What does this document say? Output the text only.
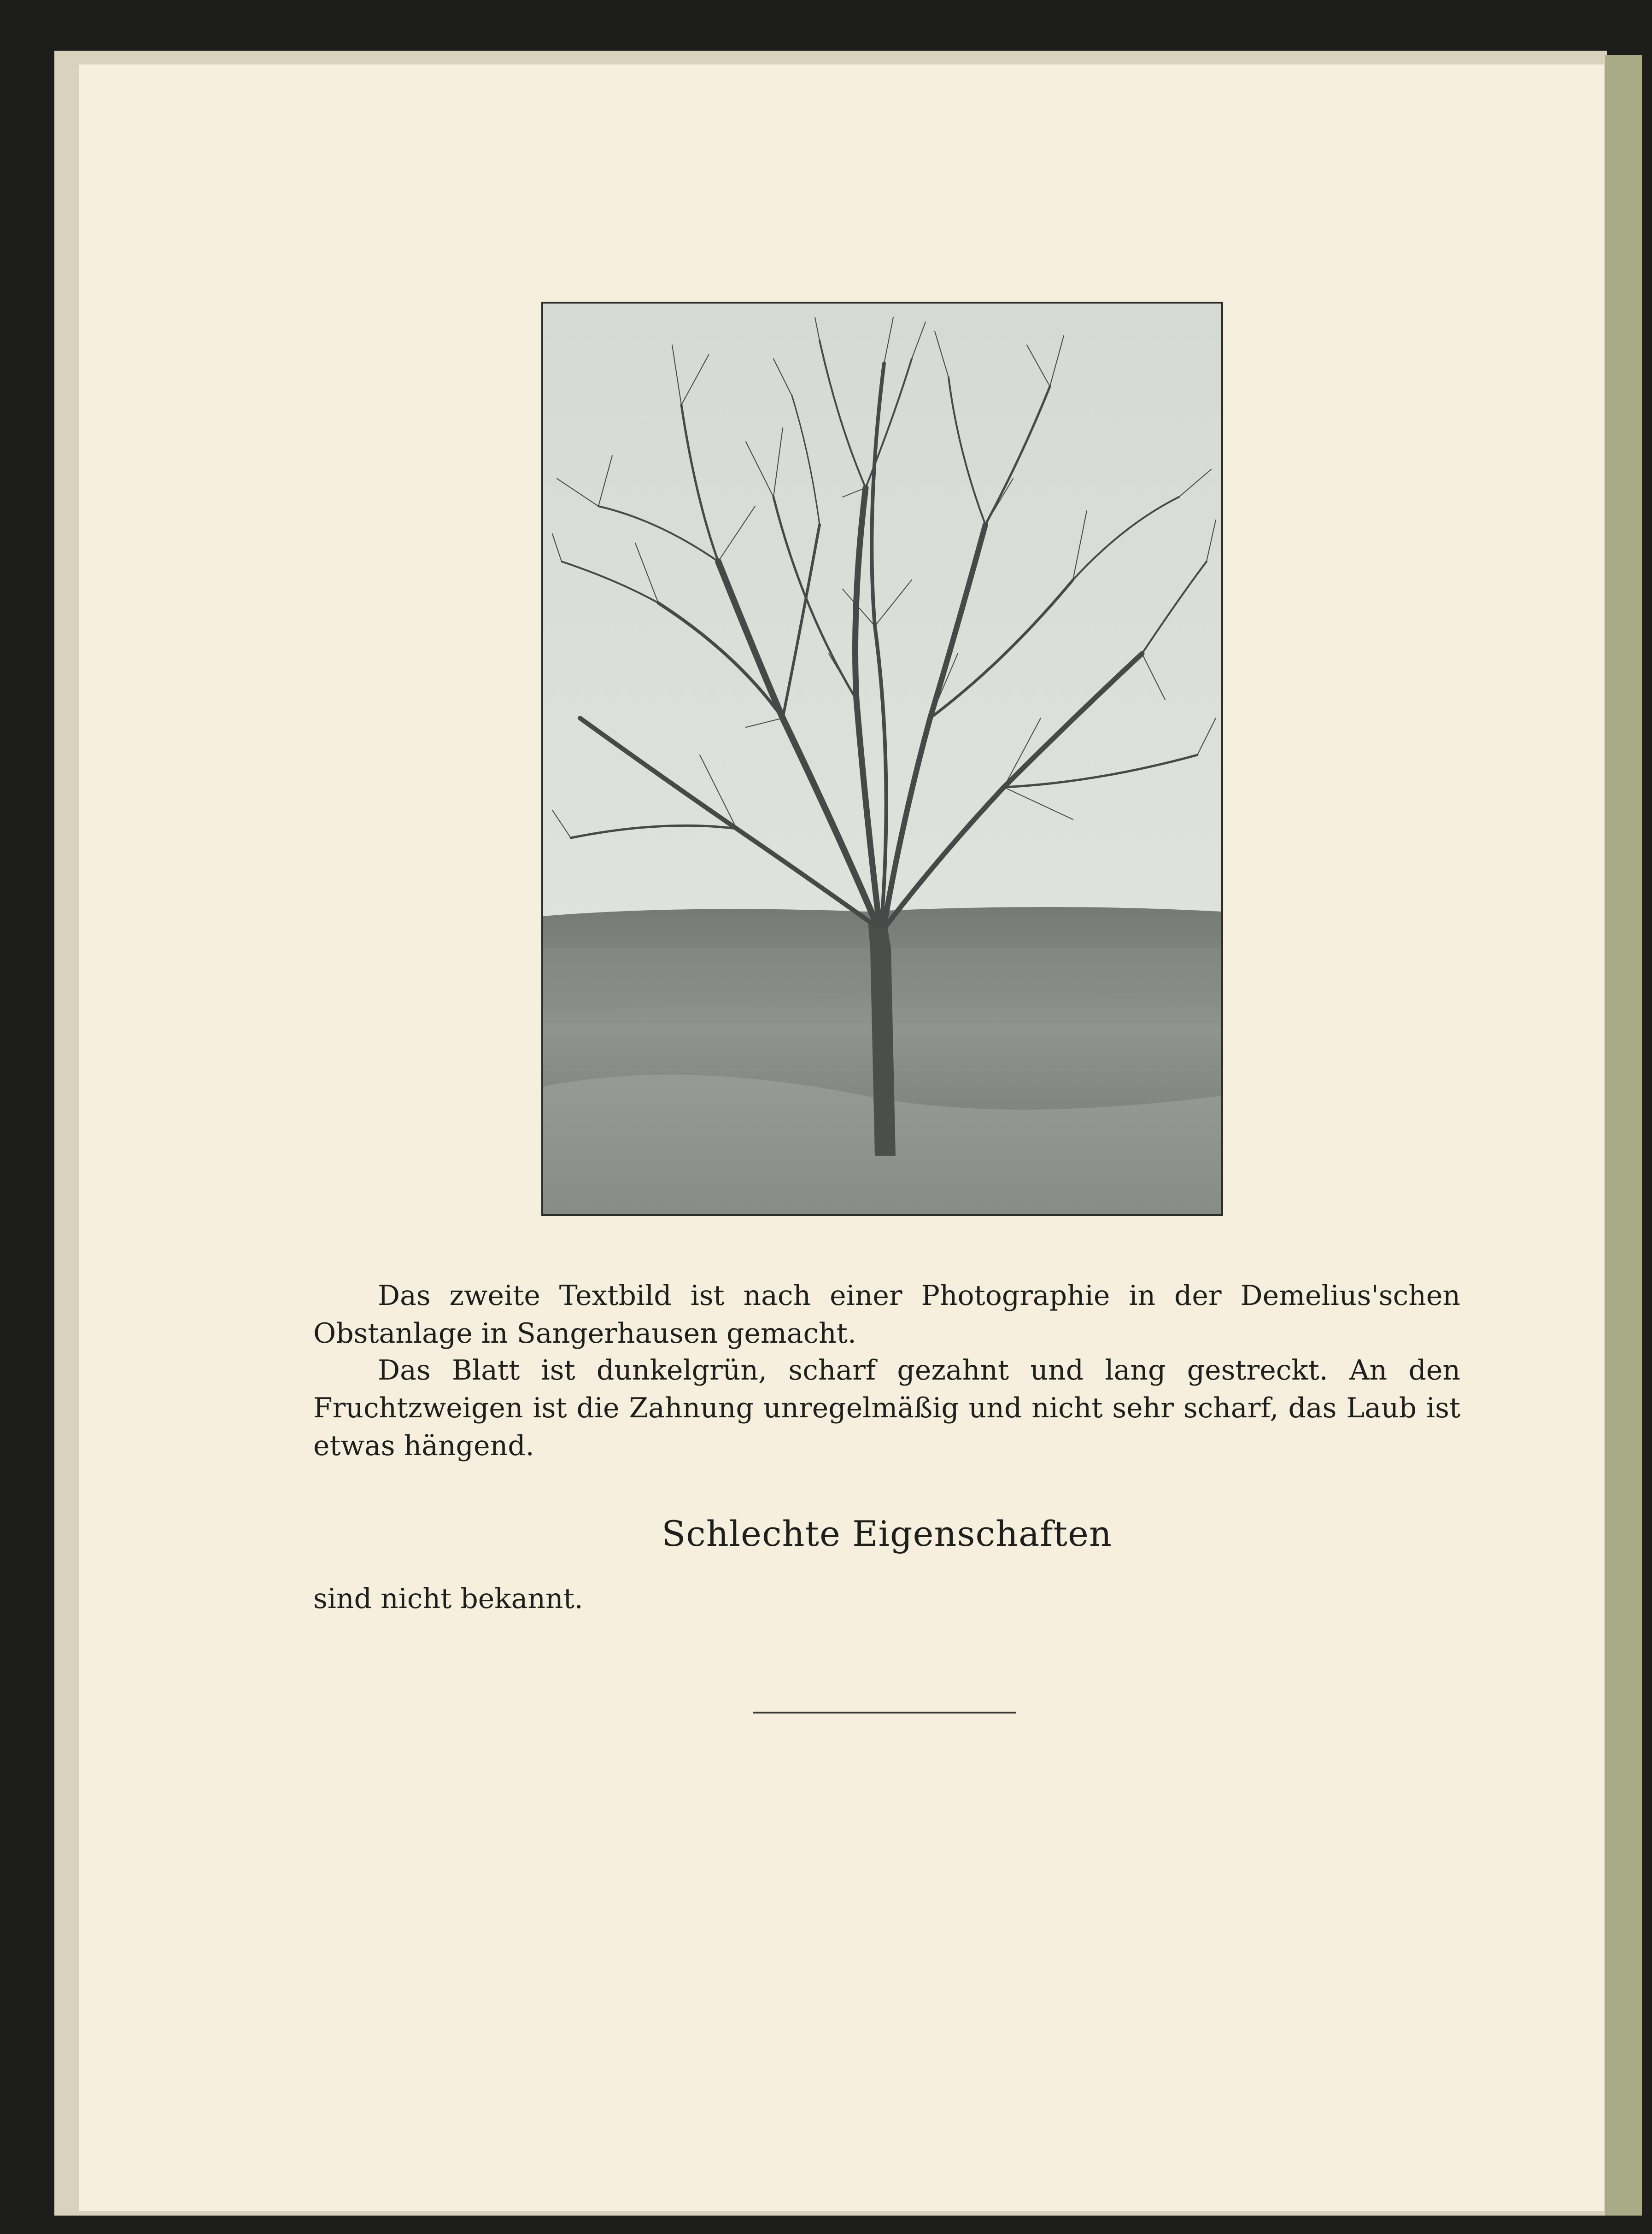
Das zweite Textbild ist nach einer Photographie in der Demelius'schen Obstanlage in Sangerhausen gemacht.
Das Blatt ist dunkelgrün, scharf gezahnt und lang gestreckt. An den Fruchtzweigen ist die Zahnung unregelmäßig und nicht sehr scharf, das Laub ist etwas hängend.
Schlechte Eigenschaften
sind nicht bekannt.
